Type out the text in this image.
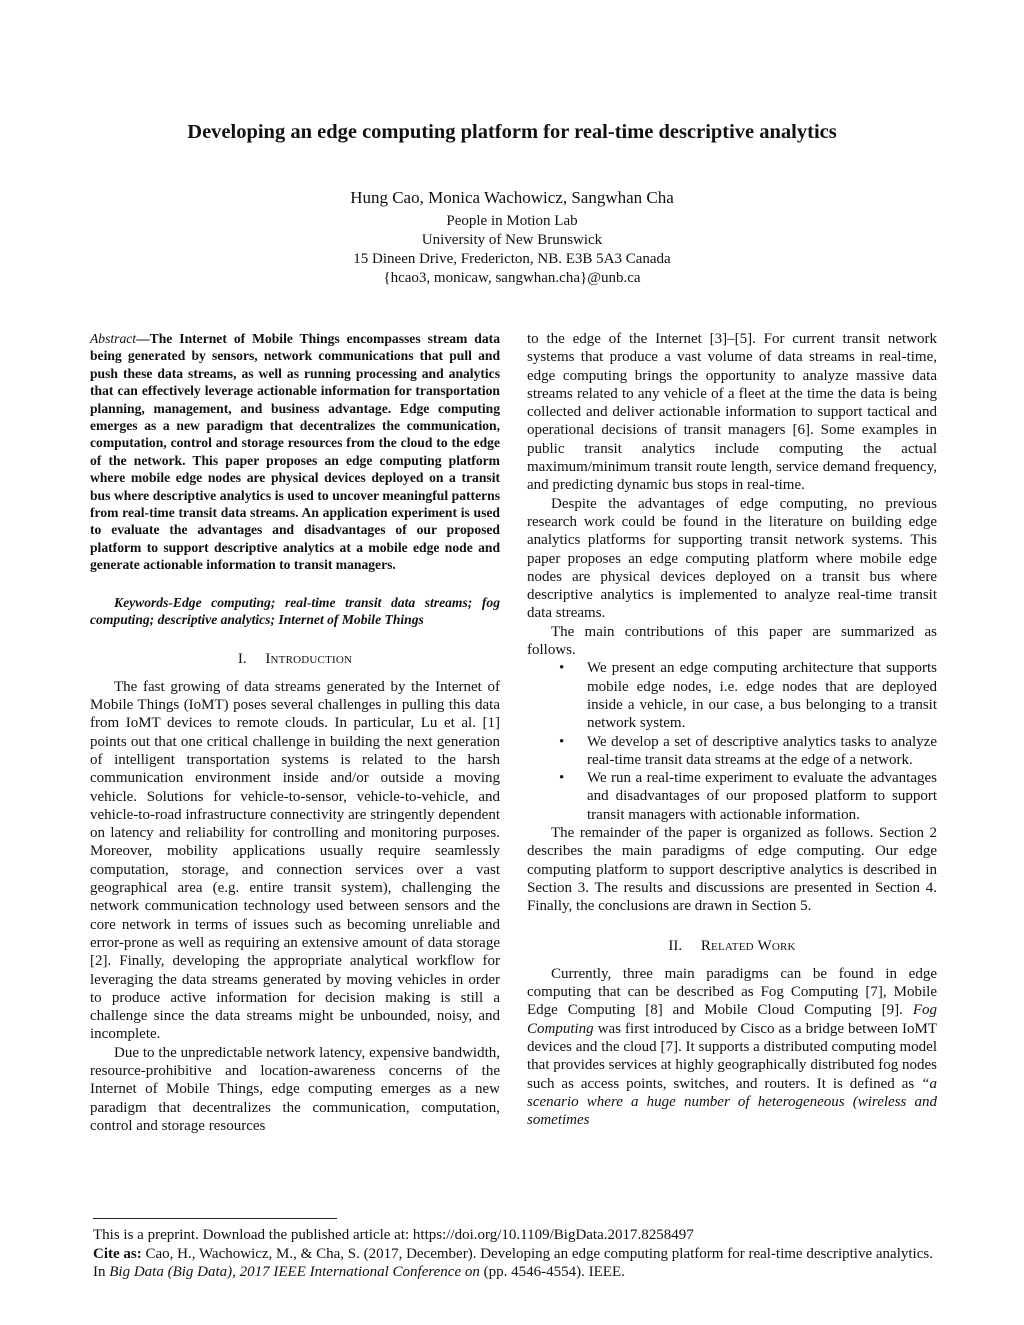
Developing an edge computing platform for real-time descriptive analytics
Hung Cao, Monica Wachowicz, Sangwhan Cha
People in Motion Lab
University of New Brunswick
15 Dineen Drive, Fredericton, NB. E3B 5A3 Canada
{hcao3, monicaw, sangwhan.cha}@unb.ca

Abstract—The Internet of Mobile Things encompasses stream data being generated by sensors, network communications that pull and push these data streams, as well as running processing and analytics that can effectively leverage actionable information for transportation planning, management, and business advantage. Edge computing emerges as a new paradigm that decentralizes the communication, computation, control and storage resources from the cloud to the edge of the network. This paper proposes an edge computing platform where mobile edge nodes are physical devices deployed on a transit bus where descriptive analytics is used to uncover meaningful patterns from real-time transit data streams. An application experiment is used to evaluate the advantages and disadvantages of our proposed platform to support descriptive analytics at a mobile edge node and generate actionable information to transit managers.

Keywords-Edge computing; real-time transit data streams; fog computing; descriptive analytics; Internet of Mobile Things

I. Introduction

The fast growing of data streams generated by the Internet of Mobile Things (IoMT) poses several challenges in pulling this data from IoMT devices to remote clouds. In particular, Lu et al. [1] points out that one critical challenge in building the next generation of intelligent transportation systems is related to the harsh communication environment inside and/or outside a moving vehicle. Solutions for vehicle-to-sensor, vehicle-to-vehicle, and vehicle-to-road infrastructure connectivity are stringently dependent on latency and reliability for controlling and monitoring purposes. Moreover, mobility applications usually require seamlessly computation, storage, and connection services over a vast geographical area (e.g. entire transit system), challenging the network communication technology used between sensors and the core network in terms of issues such as becoming unreliable and error-prone as well as requiring an extensive amount of data storage [2]. Finally, developing the appropriate analytical workflow for leveraging the data streams generated by moving vehicles in order to produce active information for decision making is still a challenge since the data streams might be unbounded, noisy, and incomplete.

Due to the unpredictable network latency, expensive bandwidth, resource-prohibitive and location-awareness concerns of the Internet of Mobile Things, edge computing emerges as a new paradigm that decentralizes the communication, computation, control and storage resources

to the edge of the Internet [3]–[5]. For current transit network systems that produce a vast volume of data streams in real-time, edge computing brings the opportunity to analyze massive data streams related to any vehicle of a fleet at the time the data is being collected and deliver actionable information to support tactical and operational decisions of transit managers [6]. Some examples in public transit analytics include computing the actual maximum/minimum transit route length, service demand frequency, and predicting dynamic bus stops in real-time.

Despite the advantages of edge computing, no previous research work could be found in the literature on building edge analytics platforms for supporting transit network systems. This paper proposes an edge computing platform where mobile edge nodes are physical devices deployed on a transit bus where descriptive analytics is implemented to analyze real-time transit data streams.

The main contributions of this paper are summarized as follows.

• We present an edge computing architecture that supports mobile edge nodes, i.e. edge nodes that are deployed inside a vehicle, in our case, a bus belonging to a transit network system.
• We develop a set of descriptive analytics tasks to analyze real-time transit data streams at the edge of a network.
• We run a real-time experiment to evaluate the advantages and disadvantages of our proposed platform to support transit managers with actionable information.

The remainder of the paper is organized as follows. Section 2 describes the main paradigms of edge computing. Our edge computing platform to support descriptive analytics is described in Section 3. The results and discussions are presented in Section 4. Finally, the conclusions are drawn in Section 5.

II. Related Work

Currently, three main paradigms can be found in edge computing that can be described as Fog Computing [7], Mobile Edge Computing [8] and Mobile Cloud Computing [9]. Fog Computing was first introduced by Cisco as a bridge between IoMT devices and the cloud [7]. It supports a distributed computing model that provides services at highly geographically distributed fog nodes such as access points, switches, and routers. It is defined as “a scenario where a huge number of heterogeneous (wireless and sometimes

This is a preprint. Download the published article at: https://doi.org/10.1109/BigData.2017.8258497

Cite as: Cao, H., Wachowicz, M., & Cha, S. (2017, December). Developing an edge computing platform for real-time descriptive analytics. In Big Data (Big Data), 2017 IEEE International Conference on (pp. 4546-4554). IEEE.
